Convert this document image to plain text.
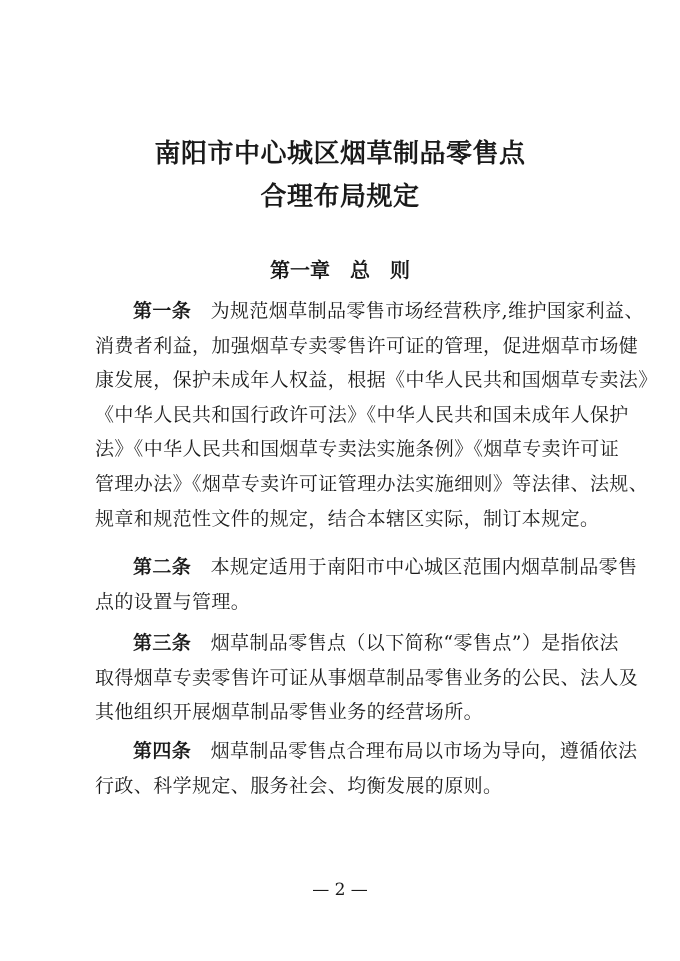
南阳市中心城区烟草制品零售点
合理布局规定
第一章　总　则
第一条　 为规范烟草制品零售市场经营秩序,维护国家利益、
消费者利益，加强烟草专卖零售许可证的管理，促进烟草市场健
康发展，保护未成年人权益，根据《中华人民共和国烟草专卖法》
《中华人民共和国行政许可法》《中华人民共和国未成年人保护
法》《中华人民共和国烟草专卖法实施条例》《烟草专卖许可证
管理办法》《烟草专卖许可证管理办法实施细则》等法律、法规、
规章和规范性文件的规定，结合本辖区实际，制订本规定。
第二条　 本规定适用于南阳市中心城区范围内烟草制品零售
点的设置与管理。
第三条　 烟草制品零售点（以下简称“零售点”）是指依法
取得烟草专卖零售许可证从事烟草制品零售业务的公民、法人及
其他组织开展烟草制品零售业务的经营场所。
第四条　 烟草制品零售点合理布局以市场为导向，遵循依法
行政、科学规定、服务社会、均衡发展的原则。
— 2 —
